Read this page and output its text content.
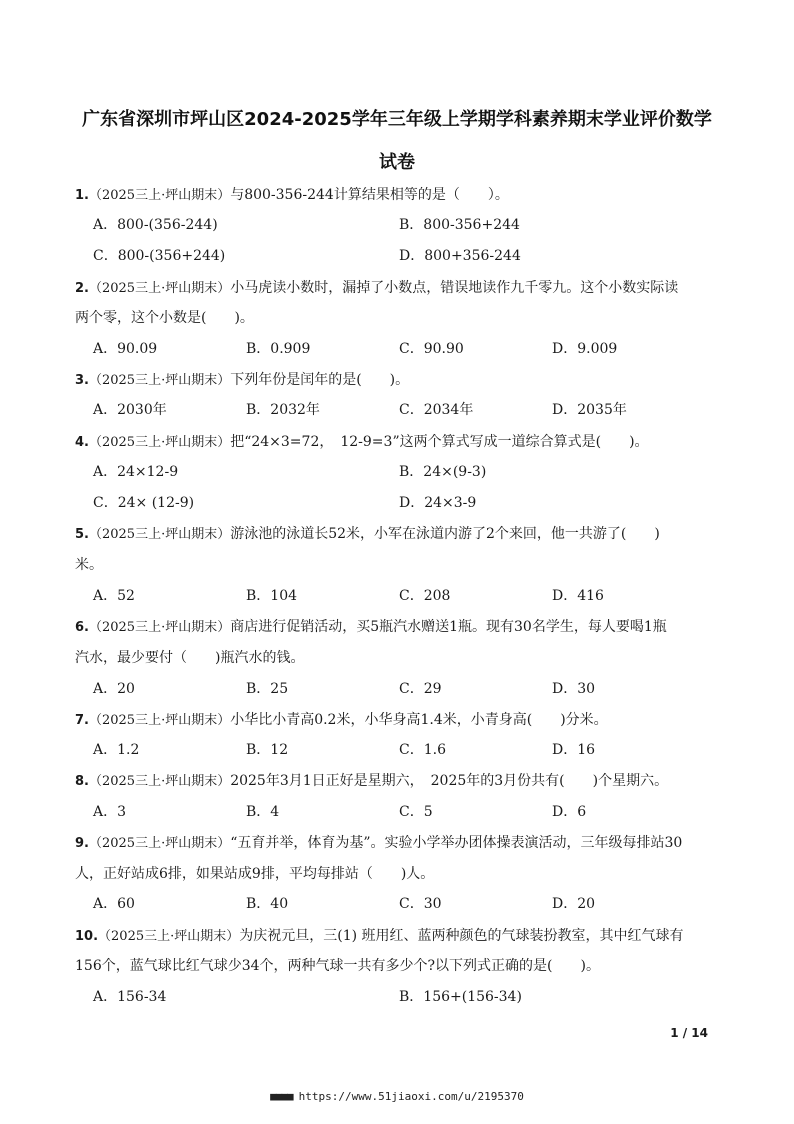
广东省深圳市坪山区2024-2025学年三年级上学期学科素养期末学业评价数学
试卷
1.（2025三上·坪山期末）与800-356-244计算结果相等的是（　　）。
A．800-(356-244)	B．800-356+244
C．800-(356+244)	D．800+356-244
2.（2025三上·坪山期末）小马虎读小数时，漏掉了小数点，错误地读作九千零九。这个小数实际读
两个零，这个小数是(　　)。
A．90.09	B．0.909	C．90.90	D．9.009
3.（2025三上·坪山期末）下列年份是闰年的是(　　)。
A．2030年	B．2032年	C．2034年	D．2035年
4.（2025三上·坪山期末）把“24×3=72，　12-9=3”这两个算式写成一道综合算式是(　　)。
A．24×12-9	B．24×(9-3)
C．24× (12-9)	D．24×3-9
5.（2025三上·坪山期末）游泳池的泳道长52米，小军在泳道内游了2个来回，他一共游了(　　)
米。
A．52	B．104	C．208	D．416
6.（2025三上·坪山期末）商店进行促销活动，买5瓶汽水赠送1瓶。现有30名学生，每人要喝1瓶
汽水，最少要付（　　)瓶汽水的钱。
A．20	B．25	C．29	D．30
7.（2025三上·坪山期末）小华比小青高0.2米，小华身高1.4米，小青身高(　　)分米。
A．1.2	B．12	C．1.6	D．16
8.（2025三上·坪山期末）2025年3月1日正好是星期六，　2025年的3月份共有(　　)个星期六。
A．3	B．4	C．5	D．6
9.（2025三上·坪山期末）“五育并举，体育为基”。实验小学举办团体操表演活动，三年级每排站30
人，正好站成6排，如果站成9排，平均每排站（　　)人。
A．60	B．40	C．30	D．20
10.（2025三上·坪山期末）为庆祝元旦，三(1) 班用红、蓝两种颜色的气球装扮教室，其中红气球有
156个，蓝气球比红气球少34个，两种气球一共有多少个?以下列式正确的是(　　)。
A．156-34	B．156+(156-34)
1 / 14
■■■■ https://www.51jiaoxi.com/u/2195370
